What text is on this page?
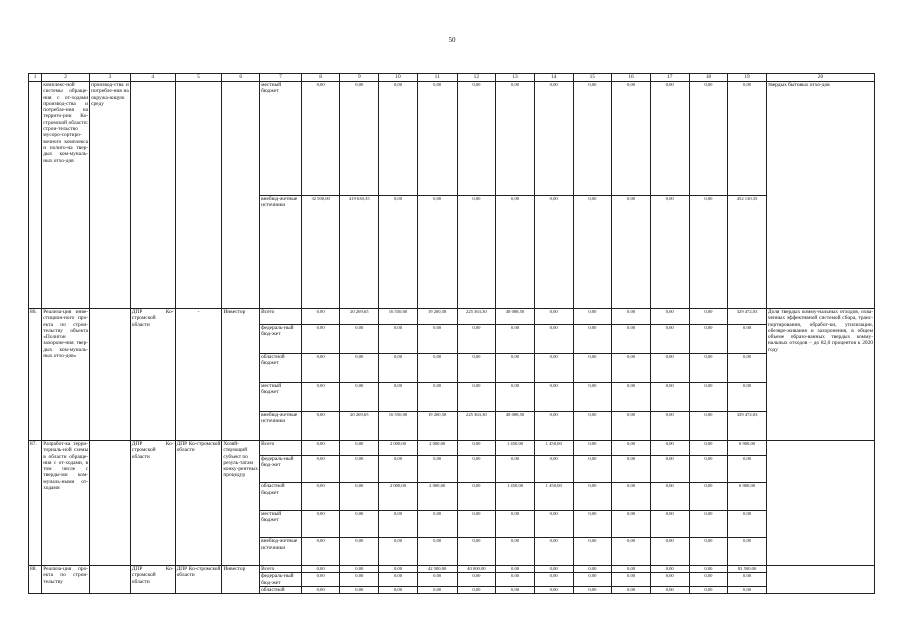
50
1	2	3	4	5	6	7	8	9	10	11	12	13	14	15	16	17	18	19	20
	комплекс-ной системы обраще-ния с от-ходами производ-ства и потребле-ния на террито-рии Ко-стромской области: строи-тельство мусоро-сортиро-вочного комплекса и полиго-на твер-дых ком-муналь-ных отхо-дов	производ-ства и потребле-ния на окружа-ющую среду				местный бюджет	0,00	0,00	0,00	0,00	0,00	0,00	0,00	0,00	0,00	0,00	0,00	0,00	твердых бытовых отхо-дов
						внебюд-жетные источники	32 500,00	419 630,35	0,00	0,00	0,00	0,00	0,00	0,00	0,00	0,00	0,00	452 130,35	
86.	Реализа-ция инве-стицион-ного про-екта по строи-тельству объекта «Полигон захороне-ния твер-дых ком-муналь-ных отхо-дов»		ДПР Ко-стромской области	-	Инвестор	Всего	0,00	20 269,65	16 550,00	19 200,58	225 363,30	48 088,50	0,00	0,00	0,00	0,00	0,00	329 472,03	Доля твердых комму-нальных отходов, охва-ченных эффективной системой сбора, транс-портирования, обработ-ки, утилизации, обезвре-живания и захоронения, в общем объеме образо-ванных твердых комму-нальных отходов – до 82,0 процентов к 2020 году
						федераль-ный бюд-жет	0,00	0,00	0,00	0,00	0,00	0,00	0,00	0,00	0,00	0,00	0,00	0,00	
						областной бюджет	0,00	0,00	0,00	0,00	0,00	0,00	0,00	0,00	0,00	0,00	0,00	0,00	
						местный бюджет	0,00	0,00	0,00	0,00	0,00	0,00	0,00	0,00	0,00	0,00	0,00	0,00	
						внебюд-жетные источники	0,00	20 269,65	16 550,00	19 200,58	225 363,30	48 088,50	0,00	0,00	0,00	0,00	0,00	329 472,03	
87.	Разработ-ка терри-ториаль-ной схемы в области обраще-ния с от-ходами, в том числе с тверды-ми ком-муналь-ными от-ходами		ДПР Ко-стромской области	ДПР Ко-стромской области	Хозяй-ствующий субъект по резуль-татам конку-рентных процедур	Всего	0,00	0,00	2 000,00	2 000,00	0,00	1 450,00	1 450,00	0,00	0,00	0,00	0,00	6 900,00	
						федераль-ный бюд-жет	0,00	0,00	0,00	0,00	0,00	0,00	0,00	0,00	0,00	0,00	0,00	0,00	
						областной бюджет	0,00	0,00	2 000,00	2 000,00	0,00	1 450,00	1 450,00	0,00	0,00	0,00	0,00	6 900,00	
						местный бюджет	0,00	0,00	0,00	0,00	0,00	0,00	0,00	0,00	0,00	0,00	0,00	0,00	
						внебюд-жетные источники	0,00	0,00	0,00	0,00	0,00	0,00	0,00	0,00	0,00	0,00	0,00	0,00	
88.	Реализа-ция про-екта по строи-тельству		ДПР Ко-стромской области	ДПР Ко-стромской области	Инвестор	Всего	0,00	0,00	0,00	42 500,00	40 000,00	0,00	0,00	0,00	0,00	0,00	0,00	82 500,00	
						федераль-ный бюд-жет	0,00	0,00	0,00	0,00	0,00	0,00	0,00	0,00	0,00	0,00	0,00	0,00	
						областной	0,00	0,00	0,00	0,00	0,00	0,00	0,00	0,00	0,00	0,00	0,00	0,00	
